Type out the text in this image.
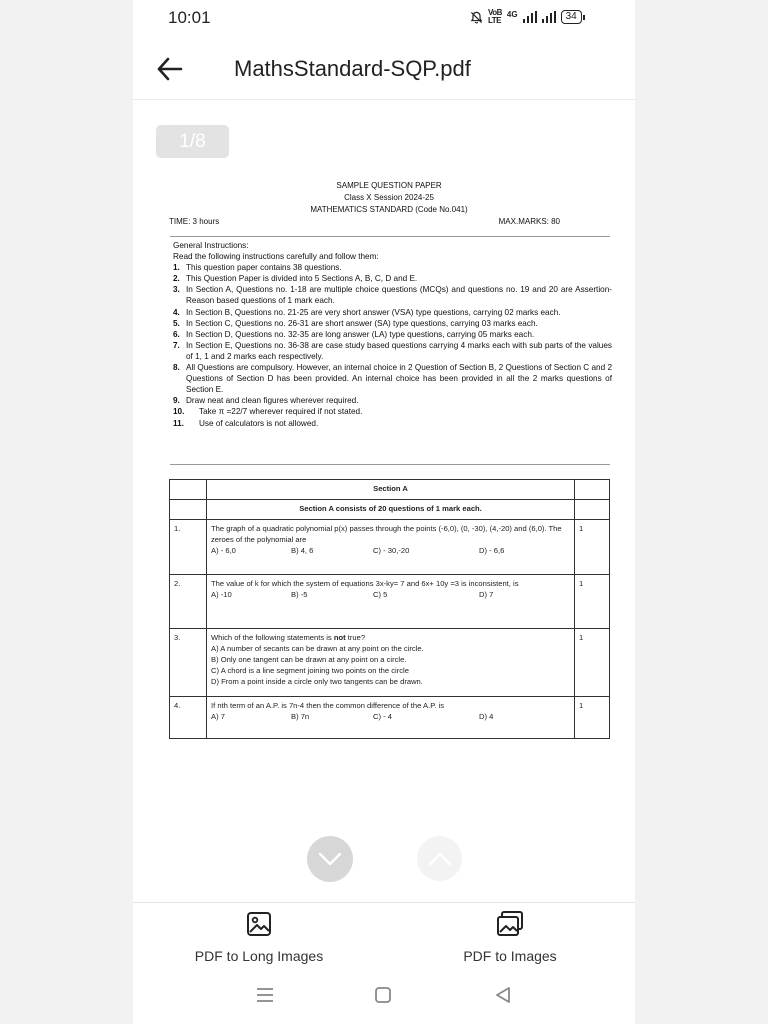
10:01	VoB
LTE
4G	34
MathsStandard-SQP.pdf
1/8
SAMPLE QUESTION PAPER
Class X Session 2024-25
MATHEMATICS STANDARD (Code No.041)
TIME: 3 hours	MAX.MARKS: 80
General Instructions:
Read the following instructions carefully and follow them:
1. This question paper contains 38 questions.
2. This Question Paper is divided into 5 Sections A, B, C, D and E.
3. In Section A, Questions no. 1-18 are multiple choice questions (MCQs) and questions no. 19 and 20 are Assertion- Reason based questions of 1 mark each.
4. In Section B, Questions no. 21-25 are very short answer (VSA) type questions, carrying 02 marks each.
5. In Section C, Questions no. 26-31 are short answer (SA) type questions, carrying 03 marks each.
6. In Section D, Questions no. 32-35 are long answer (LA) type questions, carrying 05 marks each.
7. In Section E, Questions no. 36-38 are case study based questions carrying 4 marks each with sub parts of the values of 1, 1 and 2 marks each respectively.
8. All Questions are compulsory. However, an internal choice in 2 Question of Section B, 2 Questions of Section C and 2 Questions of Section D has been provided. An internal choice has been provided in all the 2 marks questions of Section E.
9. Draw neat and clean figures wherever required.
10.	Take π =22/7 wherever required if not stated.
11.	Use of calculators is not allowed.
	Section A	
	Section A consists of 20 questions of 1 mark each.	
1.	The graph of a quadratic polynomial p(x) passes through the points (-6,0), (0, -30), (4,-20) and (6,0). The zeroes of the polynomial are
A) - 6,0 B) 4, 6 C) - 30,-20 D) - 6,6	1
2.	The value of k for which the system of equations 3x-ky= 7 and 6x+ 10y =3 is inconsistent, is
A) -10 B) -5 C) 5 D) 7	1
3.	Which of the following statements is not true?
A) A number of secants can be drawn at any point on the circle.
B) Only one tangent can be drawn at any point on a circle.
C) A chord is a line segment joining two points on the circle
D) From a point inside a circle only two tangents can be drawn.	1
4.	If nth term of an A.P. is 7n-4 then the common difference of the A.P. is
A) 7 B) 7n C) - 4 D) 4	1
PDF to Long Images	PDF to Images
